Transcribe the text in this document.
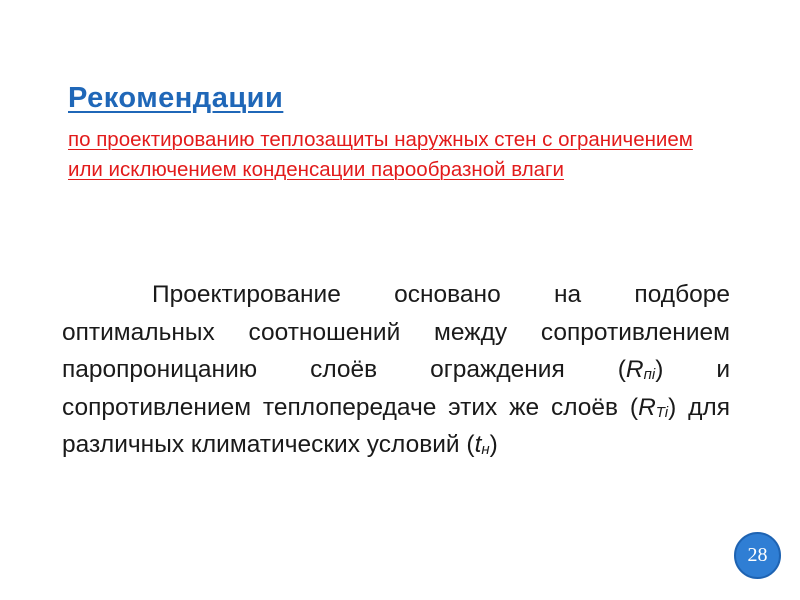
Рекомендации

по проектированию теплозащиты наружных стен с ограничением или исключением конденсации парообразной влаги

Проектирование основано на подборе оптимальных соотношений между сопротивлением паропроницанию слоёв ограждения $(R_{пi})$ и сопротивлением теплопередаче этих же слоёв $(R_{Ti})$ для различных климатических условий $(t_н)$

28
